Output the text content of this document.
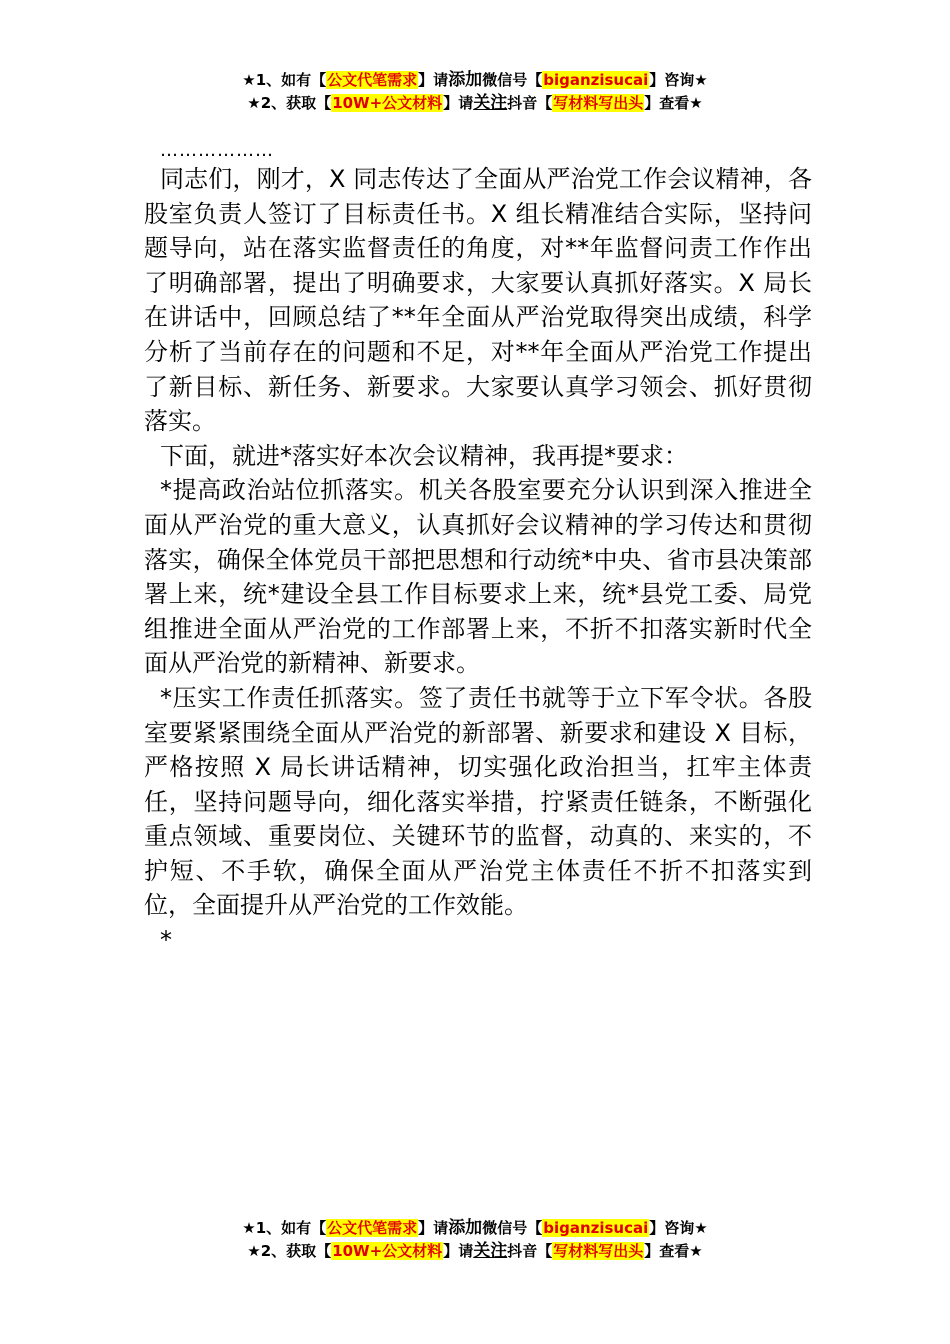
★1、如有【公文代笔需求】请添加微信号【biganzisucai】咨询★
★2、获取【10W+公文材料】请关注抖音【写材料写出头】查看★

………………

同志们，刚才，X 同志传达了全面从严治党工作会议精神，各股室负责人签订了目标责任书。X 组长精准结合实际，坚持问题导向，站在落实监督责任的角度，对**年监督问责工作作出了明确部署，提出了明确要求，大家要认真抓好落实。X 局长在讲话中，回顾总结了**年全面从严治党取得突出成绩，科学分析了当前存在的问题和不足，对**年全面从严治党工作提出了新目标、新任务、新要求。大家要认真学习领会、抓好贯彻落实。

下面，就进*落实好本次会议精神，我再提*要求：

*提高政治站位抓落实。机关各股室要充分认识到深入推进全面从严治党的重大意义，认真抓好会议精神的学习传达和贯彻落实，确保全体党员干部把思想和行动统*中央、省市县决策部署上来，统*建设全县工作目标要求上来，统*县党工委、局党组推进全面从严治党的工作部署上来，不折不扣落实新时代全面从严治党的新精神、新要求。

*压实工作责任抓落实。签了责任书就等于立下军令状。各股室要紧紧围绕全面从严治党的新部署、新要求和建设 X 目标，严格按照 X 局长讲话精神，切实强化政治担当，扛牢主体责任，坚持问题导向，细化落实举措，拧紧责任链条，不断强化重点领域、重要岗位、关键环节的监督，动真的、来实的，不护短、不手软，确保全面从严治党主体责任不折不扣落实到位，全面提升从严治党的工作效能。

*

★1、如有【公文代笔需求】请添加微信号【biganzisucai】咨询★
★2、获取【10W+公文材料】请关注抖音【写材料写出头】查看★
